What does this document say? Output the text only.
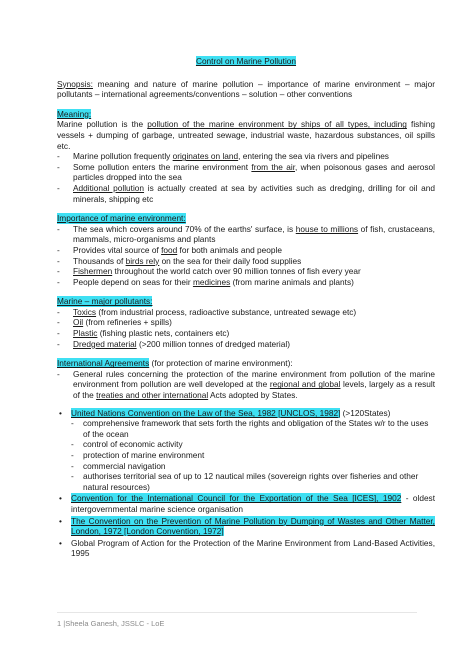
Control on Marine Pollution

Synopsis: meaning and nature of marine pollution – importance of marine environment – major pollutants – international agreements/conventions – solution – other conventions

Meaning:

Marine pollution is the pollution of the marine environment by ships of all types, including fishing vessels + dumping of garbage, untreated sewage, industrial waste, hazardous substances, oil spills etc.

-	Marine pollution frequently originates on land, entering the sea via rivers and pipelines
-	Some pollution enters the marine environment from the air, when poisonous gases and aerosol particles dropped into the sea
-	Additional pollution is actually created at sea by activities such as dredging, drilling for oil and minerals, shipping etc
Importance of marine environment:
-	The sea which covers around 70% of the earths' surface, is house to millions of fish, crustaceans, mammals, micro-organisms and plants
-	Provides vital source of food for both animals and people
-	Thousands of birds rely on the sea for their daily food supplies
-	Fishermen throughout the world catch over 90 million tonnes of fish every year
-	People depend on seas for their medicines (from marine animals and plants)
Marine – major pollutants:
-	Toxics (from industrial process, radioactive substance, untreated sewage etc)
-	Oil (from refineries + spills)
-	Plastic (fishing plastic nets, containers etc)
-	Dredged material (>200 million tonnes of dredged material)

International Agreements (for protection of marine environment):

-	General rules concerning the protection of the marine environment from pollution of the marine environment from pollution are well developed at the regional and global levels, largely as a result of the treaties and other international Acts adopted by States.
•	United Nations Convention on the Law of the Sea, 1982 [UNCLOS, 1982] (>120States)
-	comprehensive framework that sets forth the rights and obligation of the States w/r to the uses of the ocean
-	control of economic activity
-	protection of marine environment
-	commercial navigation
-	authorises territorial sea of up to 12 nautical miles (sovereign rights over fisheries and other natural resources)
•	Convention for the International Council for the Exportation of the Sea [ICES], 1902 - oldest intergovernmental marine science organisation
•	The Convention on the Prevention of Marine Pollution by Dumping of Wastes and Other Matter, London, 1972 [London Convention, 1972]
•	Global Program of Action for the Protection of the Marine Environment from Land-Based Activities, 1995
1 |Sheela Ganesh, JSSLC - LoE
